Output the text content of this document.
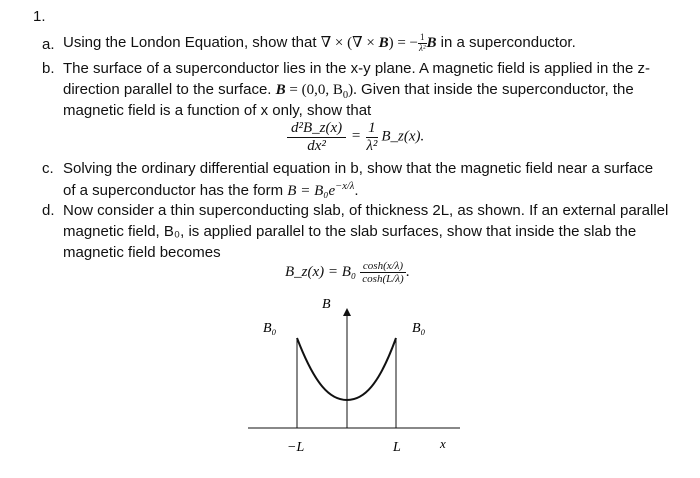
1.
a. Using the London Equation, show that ∇ × (∇ × B) = − $\frac{1}{\text{λ²}}$ B in a superconductor.
b. The surface of a superconductor lies in the x-y plane. A magnetic field is applied in the z-
direction parallel to the surface. B = (0,0, $B_0$). Given that inside the superconductor, the
magnetic field is a function of x only, show that
$\frac{\text{d²B\_z(x)}}{\text{dx²}} = \frac{1}{\text{λ²}}$ B_z(x).
c. Solving the ordinary differential equation in b, show that the magnetic field near a surface
of a superconductor has the form $B = B_0e^{-x/\lambda}$.
d. Now consider a thin superconducting slab, of thickness 2L, as shown. If an external parallel
magnetic field, B₀, is applied parallel to the slab surfaces, show that inside the slab the
magnetic field becomes
B_z(x) = $B_0 \frac{\cosh(x/\lambda)}{\cosh(L/\lambda)}$ .
B
B₀	B₀
−L	L	x
